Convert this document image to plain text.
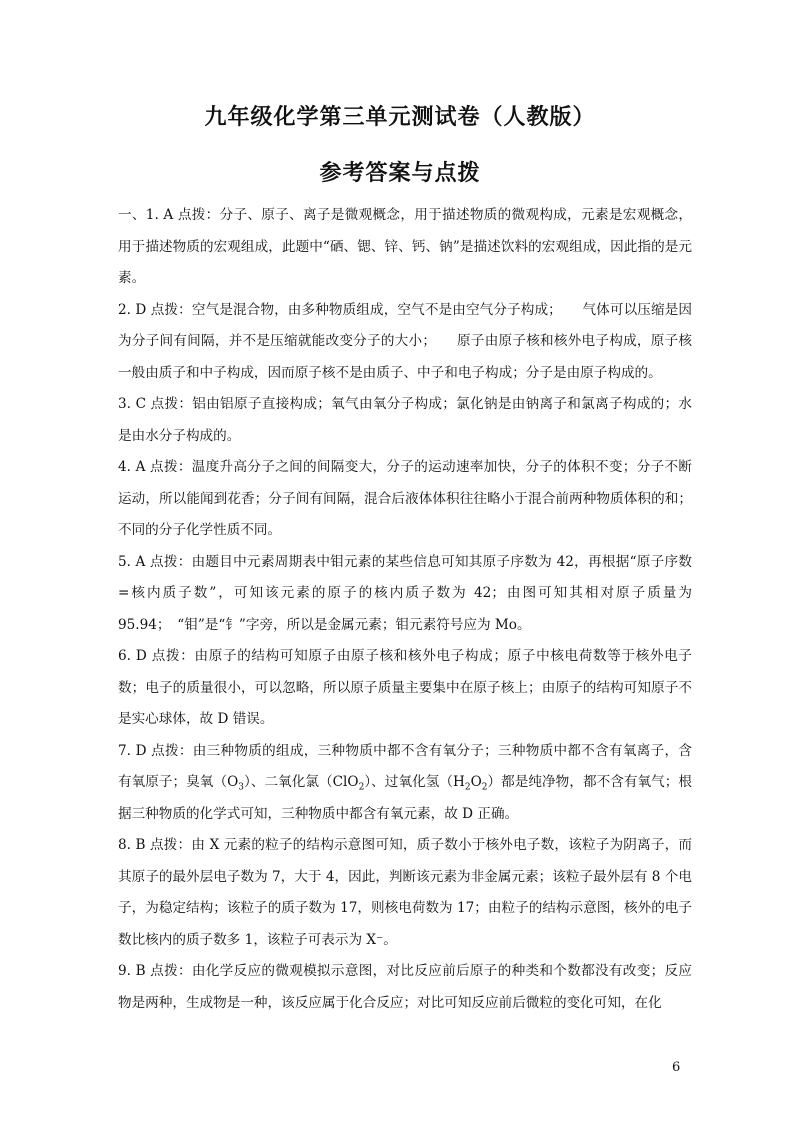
九年级化学第三单元测试卷（人教版）
参考答案与点拨

一、1. A 点拨：分子、原子、离子是微观概念，用于描述物质的微观构成，元素是宏观概念，用于描述物质的宏观组成，此题中“硒、锶、锌、钙、钠”是描述饮料的宏观组成，因此指的是元素。

2. D 点拨：空气是混合物，由多种物质组成，空气不是由空气分子构成；　　气体可以压缩是因为分子间有间隔，并不是压缩就能改变分子的大小；　　原子由原子核和核外电子构成，原子核一般由质子和中子构成，因而原子核不是由质子、中子和电子构成；分子是由原子构成的。

3. C 点拨：铝由铝原子直接构成；氧气由氧分子构成；氯化钠是由钠离子和氯离子构成的；水是由水分子构成的。

4. A 点拨：温度升高分子之间的间隔变大，分子的运动速率加快，分子的体积不变；分子不断运动，所以能闻到花香；分子间有间隔，混合后液体体积往往略小于混合前两种物质体积的和；不同的分子化学性质不同。

5. A 点拨：由题目中元素周期表中钼元素的某些信息可知其原子序数为 42，再根据“原子序数=核内质子数”，可知该元素的原子的核内质子数为 42；由图可知其相对原子质量为 95.94；　“钼”是“钅”字旁，所以是金属元素；钼元素符号应为 Mo。

6. D 点拨：由原子的结构可知原子由原子核和核外电子构成；原子中核电荷数等于核外电子数；电子的质量很小，可以忽略，所以原子质量主要集中在原子核上；由原子的结构可知原子不是实心球体，故 D 错误。

7. D 点拨：由三种物质的组成，三种物质中都不含有氧分子；三种物质中都不含有氧离子，含有氧原子；臭氧$(O_3)$、二氧化氯（ClO$_2$）、过氧化氢$(H_2O_2)$都是纯净物，都不含有氧气；根据三种物质的化学式可知，三种物质中都含有氧元素，故 D 正确。

8. B 点拨：由 X 元素的粒子的结构示意图可知，质子数小于核外电子数，该粒子为阴离子，而其原子的最外层电子数为 7，大于 4，因此，判断该元素为非金属元素；该粒子最外层有 8 个电子，为稳定结构；该粒子的质子数为 17，则核电荷数为 17；由粒子的结构示意图，核外的电子数比核内的质子数多 1，该粒子可表示为 X⁻。

9. B 点拨：由化学反应的微观模拟示意图，对比反应前后原子的种类和个数都没有改变；反应物是两种，生成物是一种，该反应属于化合反应；对比可知反应前后微粒的变化可知，在化

6
